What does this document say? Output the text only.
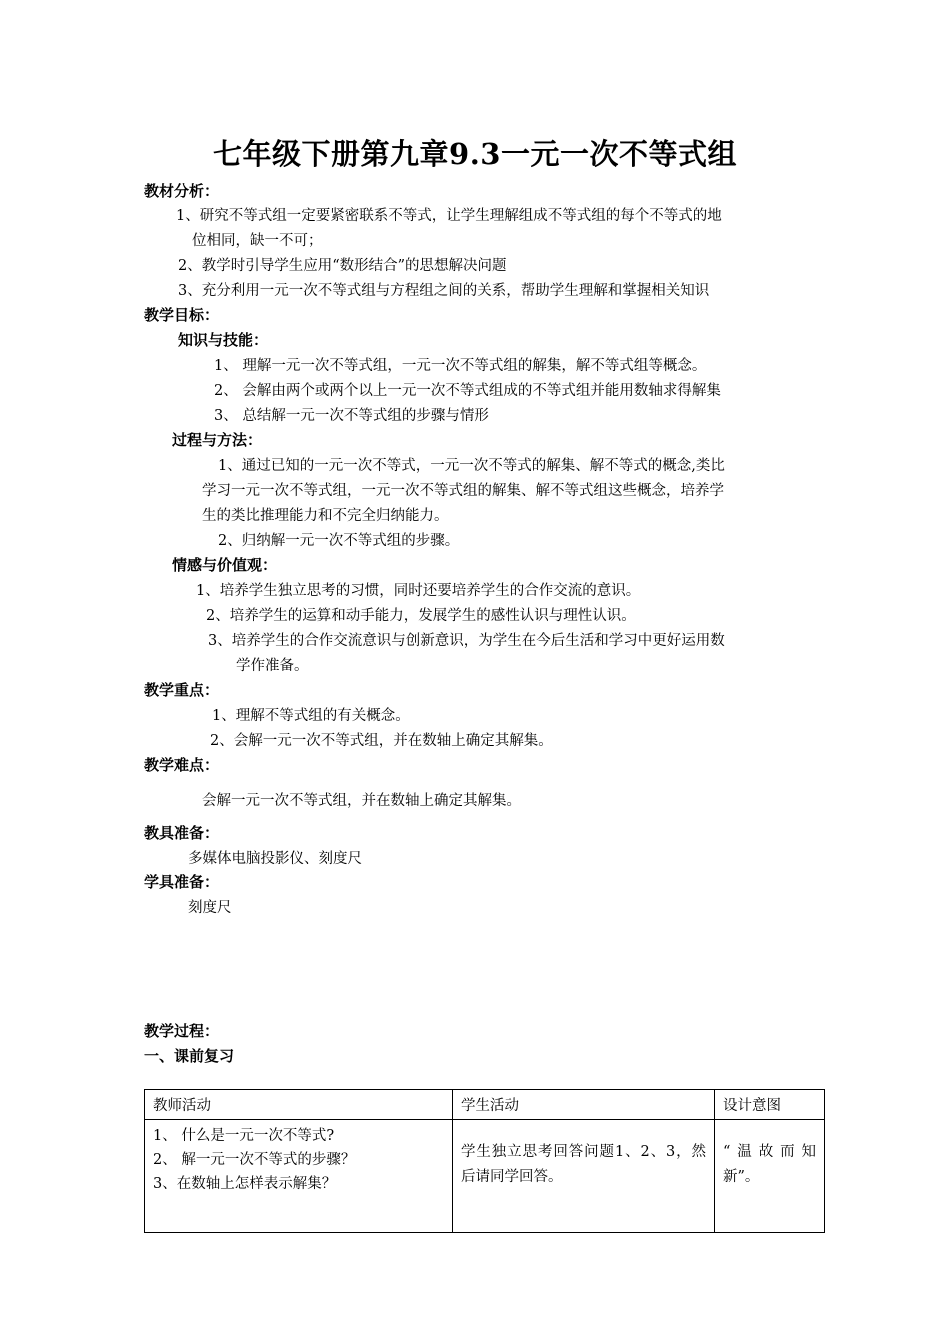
七年级下册第九章9.3一元一次不等式组
教材分析：
1、研究不等式组一定要紧密联系不等式，让学生理解组成不等式组的每个不等式的地
位相同，缺一不可；
2、教学时引导学生应用“数形结合”的思想解决问题
3、充分利用一元一次不等式组与方程组之间的关系，帮助学生理解和掌握相关知识
教学目标：
知识与技能：
1、 理解一元一次不等式组，一元一次不等式组的解集，解不等式组等概念。
2、 会解由两个或两个以上一元一次不等式组成的不等式组并能用数轴求得解集
3、 总结解一元一次不等式组的步骤与情形
过程与方法：
1、通过已知的一元一次不等式，一元一次不等式的解集、解不等式的概念,类比
学习一元一次不等式组，一元一次不等式组的解集、解不等式组这些概念，培养学
生的类比推理能力和不完全归纳能力。
2、归纳解一元一次不等式组的步骤。
情感与价值观：
1、培养学生独立思考的习惯，同时还要培养学生的合作交流的意识。
2、培养学生的运算和动手能力，发展学生的感性认识与理性认识。
3、培养学生的合作交流意识与创新意识，为学生在今后生活和学习中更好运用数
学作准备。
教学重点：
1、理解不等式组的有关概念。
2、会解一元一次不等式组，并在数轴上确定其解集。
教学难点：
会解一元一次不等式组，并在数轴上确定其解集。
教具准备：
多媒体电脑投影仪、刻度尺
学具准备：
刻度尺
教学过程：
一、课前复习
教师活动	学生活动	设计意图

1、 什么是一元一次不等式?
2、 解一元一次不等式的步骤？
3、在数轴上怎样表示解集？	学生独立思考回答问题1、2、3，然后请同学回答。	“温故而知新”。
